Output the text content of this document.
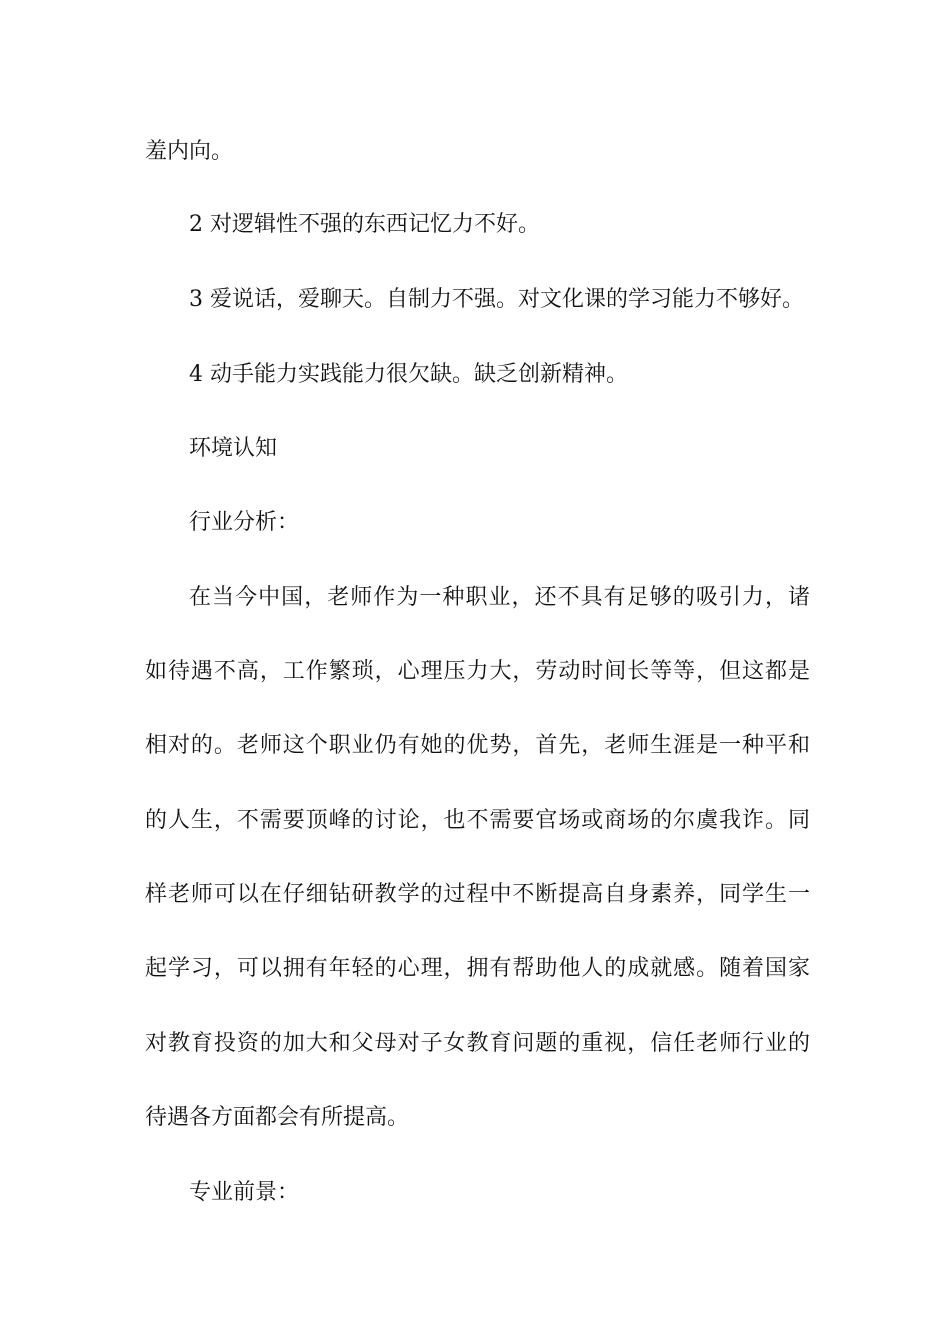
羞内向。

2 对逻辑性不强的东西记忆力不好。

3 爱说话，爱聊天。自制力不强。对文化课的学习能力不够好。

4 动手能力实践能力很欠缺。缺乏创新精神。

环境认知

行业分析：

在当今中国，老师作为一种职业，还不具有足够的吸引力，诸

如待遇不高，工作繁琐，心理压力大，劳动时间长等等，但这都是

相对的。老师这个职业仍有她的优势，首先，老师生涯是一种平和

的人生，不需要顶峰的讨论，也不需要官场或商场的尔虞我诈。同

样老师可以在仔细钻研教学的过程中不断提高自身素养，同学生一

起学习，可以拥有年轻的心理，拥有帮助他人的成就感。随着国家

对教育投资的加大和父母对子女教育问题的重视，信任老师行业的

待遇各方面都会有所提高。

专业前景：
